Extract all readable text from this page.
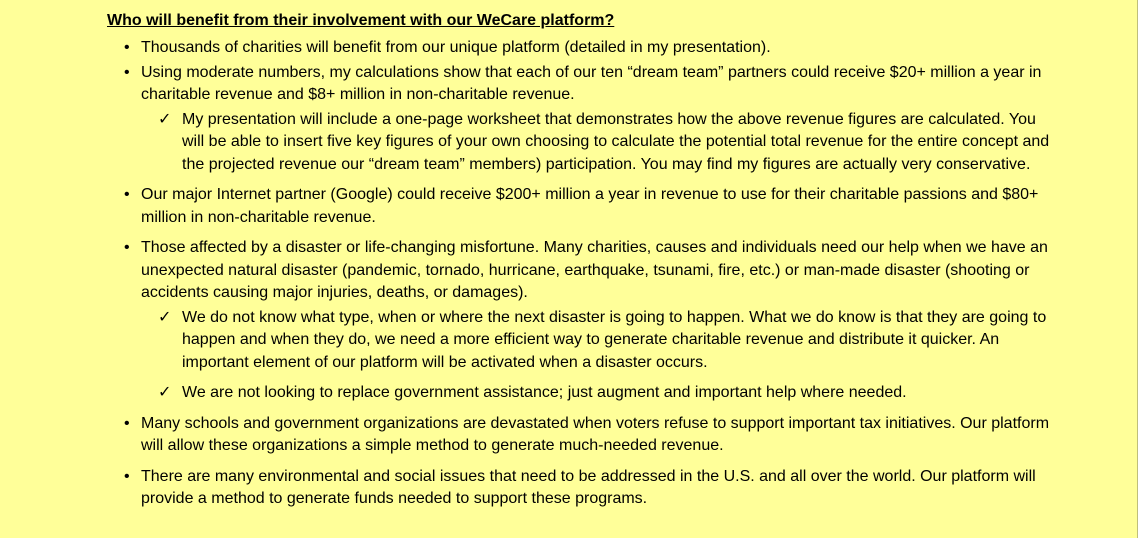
Who will benefit from their involvement with our WeCare platform?
• Thousands of charities will benefit from our unique platform (detailed in my presentation).
• Using moderate numbers, my calculations show that each of our ten “dream team” partners could receive $20+ million a year in charitable revenue and $8+ million in non-charitable revenue.
✓ My presentation will include a one-page worksheet that demonstrates how the above revenue figures are calculated. You will be able to insert five key figures of your own choosing to calculate the potential total revenue for the entire concept and the projected revenue our “dream team” members) participation. You may find my figures are actually very conservative.
• Our major Internet partner (Google) could receive $200+ million a year in revenue to use for their charitable passions and $80+ million in non-charitable revenue.
• Those affected by a disaster or life-changing misfortune. Many charities, causes and individuals need our help when we have an unexpected natural disaster (pandemic, tornado, hurricane, earthquake, tsunami, fire, etc.) or man-made disaster (shooting or accidents causing major injuries, deaths, or damages).
✓ We do not know what type, when or where the next disaster is going to happen. What we do know is that they are going to happen and when they do, we need a more efficient way to generate charitable revenue and distribute it quicker. An important element of our platform will be activated when a disaster occurs.
✓ We are not looking to replace government assistance; just augment and important help where needed.
• Many schools and government organizations are devastated when voters refuse to support important tax initiatives. Our platform will allow these organizations a simple method to generate much-needed revenue.
• There are many environmental and social issues that need to be addressed in the U.S. and all over the world. Our platform will provide a method to generate funds needed to support these programs.
